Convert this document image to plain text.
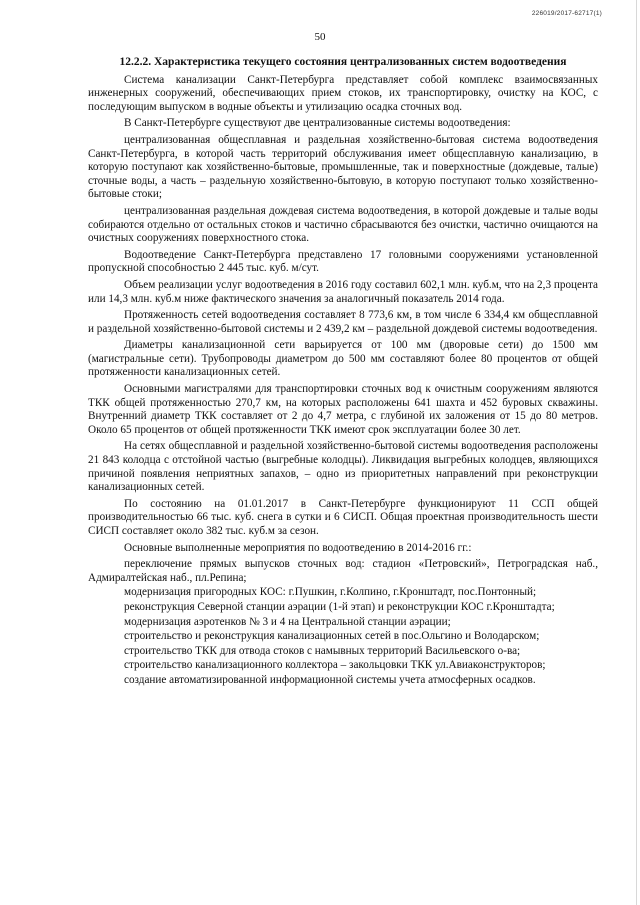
226019/2017-62717(1)
50
12.2.2. Характеристика текущего состояния централизованных систем водоотведения

Система канализации Санкт-Петербурга представляет собой комплекс взаимосвязанных инженерных сооружений, обеспечивающих прием стоков, их транспортировку, очистку на КОС, с последующим выпуском в водные объекты и утилизацию осадка сточных вод.

В Санкт-Петербурге существуют две централизованные системы водоотведения:

централизованная общесплавная и раздельная хозяйственно-бытовая система водоотведения Санкт-Петербурга, в которой часть территорий обслуживания имеет общесплавную канализацию, в которую поступают как хозяйственно-бытовые, промышленные, так и поверхностные (дождевые, талые) сточные воды, а часть – раздельную хозяйственно-бытовую, в которую поступают только хозяйственно-бытовые стоки;

централизованная раздельная дождевая система водоотведения, в которой дождевые и талые воды собираются отдельно от остальных стоков и частично сбрасываются без очистки, частично очищаются на очистных сооружениях поверхностного стока.

Водоотведение Санкт-Петербурга представлено 17 головными сооружениями установленной пропускной способностью 2 445 тыс. куб. м/сут.

Объем реализации услуг водоотведения в 2016 году составил 602,1 млн. куб.м, что на 2,3 процента или 14,3 млн. куб.м ниже фактического значения за аналогичный показатель 2014 года.

Протяженность сетей водоотведения составляет 8 773,6 км, в том числе 6 334,4 км общесплавной и раздельной хозяйственно-бытовой системы и 2 439,2 км – раздельной дождевой системы водоотведения.

Диаметры канализационной сети варьируется от 100 мм (дворовые сети) до 1500 мм (магистральные сети). Трубопроводы диаметром до 500 мм составляют более 80 процентов от общей протяженности канализационных сетей.

Основными магистралями для транспортировки сточных вод к очистным сооружениям являются ТКК общей протяженностью 270,7 км, на которых расположены 641 шахта и 452 буровых скважины. Внутренний диаметр ТКК составляет от 2 до 4,7 метра, с глубиной их заложения от 15 до 80 метров. Около 65 процентов от общей протяженности ТКК имеют срок эксплуатации более 30 лет.

На сетях общесплавной и раздельной хозяйственно-бытовой системы водоотведения расположены 21 843 колодца с отстойной частью (выгребные колодцы). Ликвидация выгребных колодцев, являющихся причиной появления неприятных запахов, – одно из приоритетных направлений при реконструкции канализационных сетей.

По состоянию на 01.01.2017 в Санкт-Петербурге функционируют 11 ССП общей производительностью 66 тыс. куб. снега в сутки и 6 СИСП. Общая проектная производительность шести СИСП составляет около 382 тыс. куб.м за сезон.

Основные выполненные мероприятия по водоотведению в 2014-2016 гг.:

переключение прямых выпусков сточных вод: стадион «Петровский», Петроградская наб., Адмиралтейская наб., пл.Репина;

модернизация пригородных КОС: г.Пушкин, г.Колпино, г.Кронштадт, пос.Понтонный;

реконструкция Северной станции аэрации (1-й этап) и реконструкции КОС г.Кронштадта;

модернизация аэротенков № 3 и 4 на Центральной станции аэрации;

строительство и реконструкция канализационных сетей в пос.Ольгино и Володарском;

строительство ТКК для отвода стоков с намывных территорий Васильевского о-ва;

строительство канализационного коллектора – закольцовки ТКК ул.Авиаконструкторов;

создание автоматизированной информационной системы учета атмосферных осадков.
